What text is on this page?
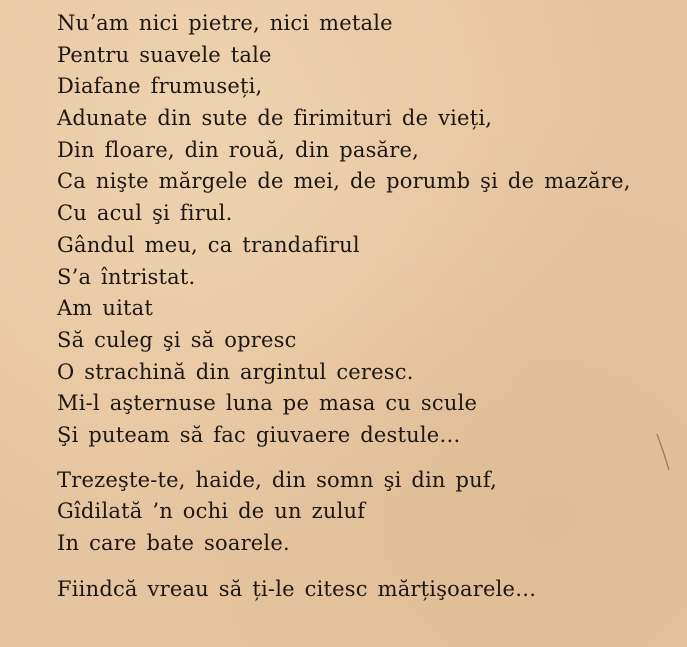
Nuʼam nici pietre, nici metale
Pentru suavele tale
Diafane frumuseți,
Adunate din sute de firimituri de vieți,
Din floare, din rouă, din pasăre,
Ca nişte mărgele de mei, de porumb şi de mazăre,
Cu acul şi firul.
Gândul meu, ca trandafirul
S’a întristat.
Am uitat
Să culeg şi să opresc
O strachină din argintul ceresc.
Mi-l aşternuse luna pe masa cu scule
Şi puteam să fac giuvaere destule…
Trezeşte-te, haide, din somn şi din puf,
Gîdilată ’n ochi de un zuluf
In care bate soarele.
Fiindcă vreau să ți-le citesc mărțişoarele…
